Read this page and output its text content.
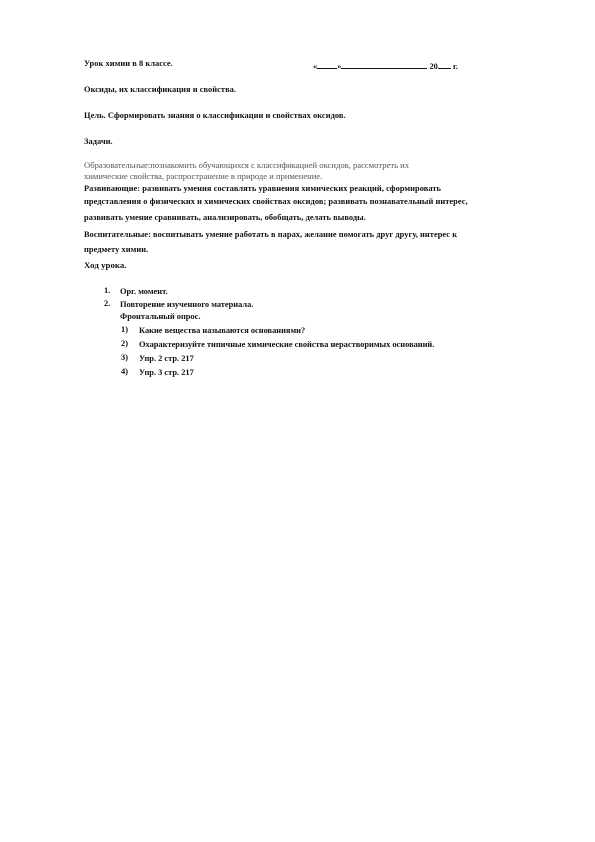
Урок химии в 8 классе.	« »	20 г.
Оксиды, их классификация и свойства.
Цель. Сформировать знания о классификации и свойствах оксидов.
Задачи.
Образовательные:познакомить обучающихся с классификацией оксидов, рассмотреть их
химические свойства, распространение в природе и применение.
Развивающие: развивать умения составлять уравнения химических реакций, сформировать
представления о физических и химических свойствах оксидов; развивать познавательный интерес,
развивать умение сравнивать, анализировать, обобщать, делать выводы.
Воспитательные: воспитывать умение работать в парах, желание помогать друг другу, интерес к
предмету химии.
Ход урока.
1. Орг. момент.
2. Повторение изученного материала.
Фронтальный опрос.
1) Какие вещества называются основаниями?
2) Охарактеризуйте типичные химические свойства нерастворимых оснований.
3) Упр. 2 стр. 217
4) Упр. 3 стр. 217
